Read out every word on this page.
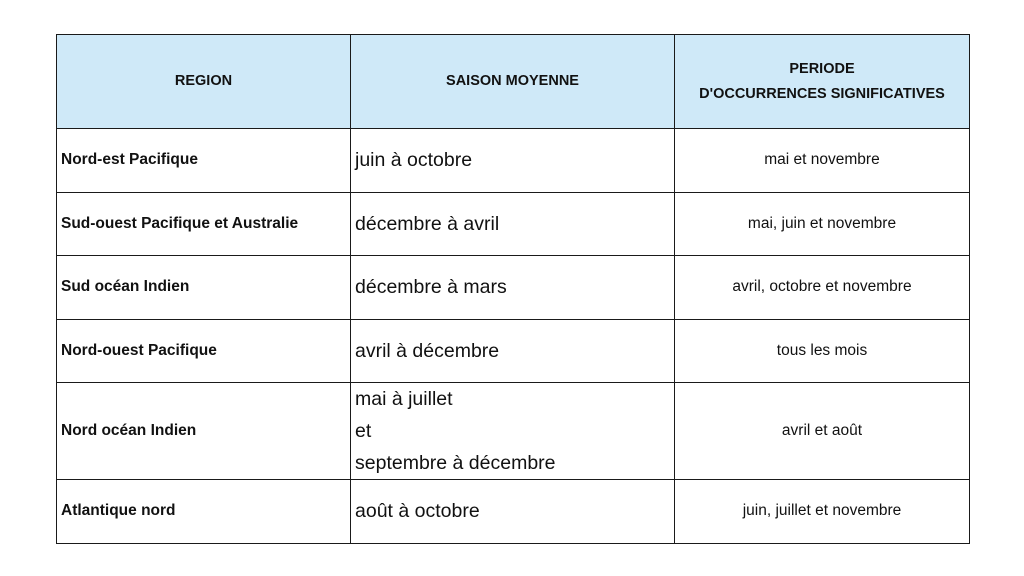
REGION	SAISON MOYENNE	PERIODE
D'OCCURRENCES SIGNIFICATIVES

Nord-est Pacifique	juin à octobre	mai et novembre
Sud-ouest Pacifique et Australie	décembre à avril	mai, juin et novembre
Sud océan Indien	décembre à mars	avril, octobre et novembre
Nord-ouest Pacifique	avril à décembre	tous les mois
Nord océan Indien	mai à juillet
et
septembre à décembre	avril et août
Atlantique nord	août à octobre	juin, juillet et novembre
